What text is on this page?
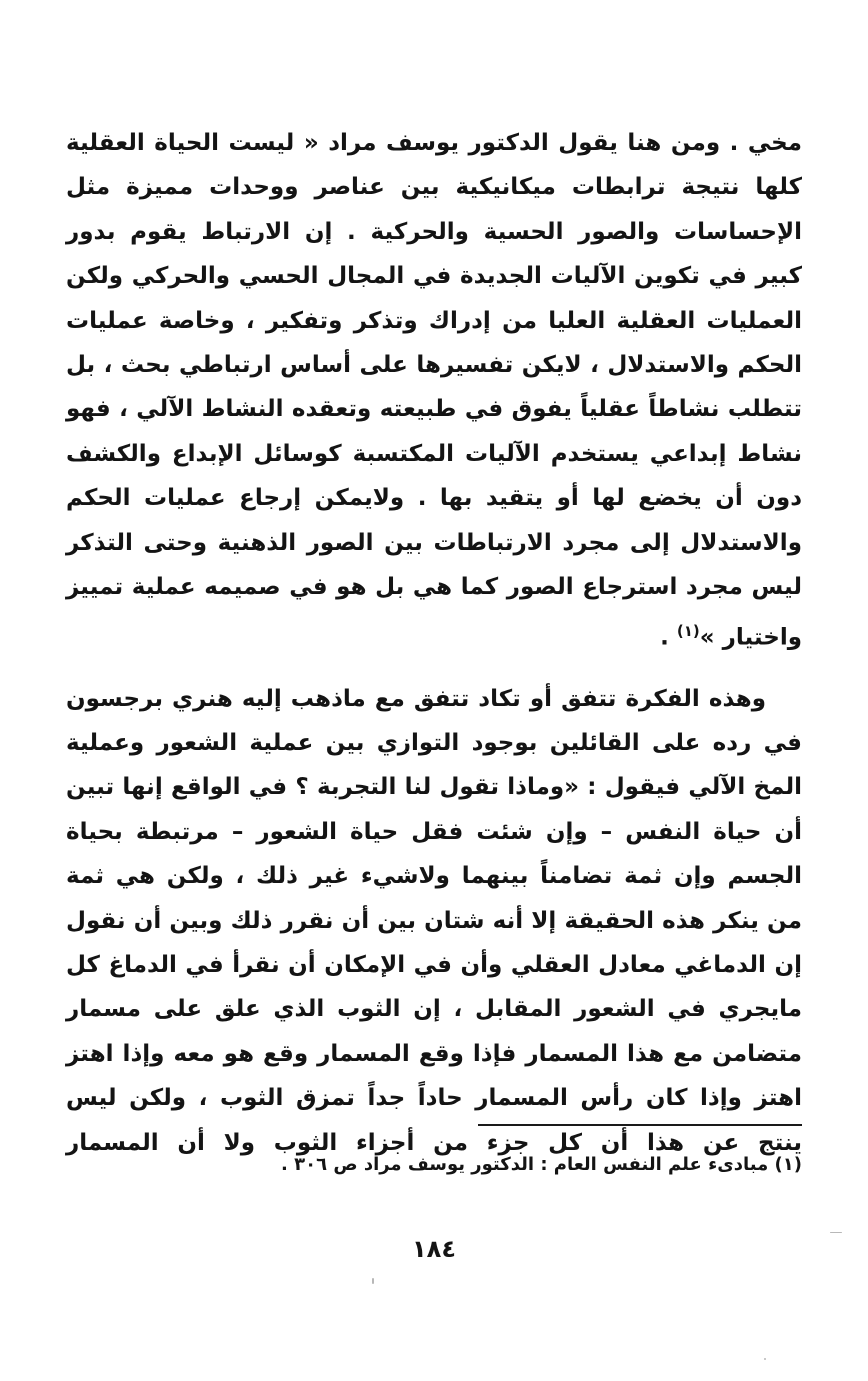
مخي . ومن هنا يقول الدكتور يوسف مراد « ليست الحياة العقلية كلها نتيجة ترابطات ميكانيكية بين عناصر ووحدات مميزة مثل الإحساسات والصور الحسية والحركية . إن الارتباط يقوم بدور كبير في تكوين الآليات الجديدة في المجال الحسي والحركي ولكن العمليات العقلية العليا من إدراك وتذكر وتفكير ، وخاصة عمليات الحكم والاستدلال ، لايكن تفسيرها على أساس ارتباطي بحث ، بل تتطلب نشاطاً عقلياً يفوق في طبيعته وتعقده النشاط الآلي ، فهو نشاط إبداعي يستخدم الآليات المكتسبة كوسائل الإبداع والكشف دون أن يخضع لها أو يتقيد بها . ولايمكن إرجاع عمليات الحكم والاستدلال إلى مجرد الارتباطات بين الصور الذهنية وحتى التذكر ليس مجرد استرجاع الصور كما هي بل هو في صميمه عملية تمييز واختيار »$^{(١)}$ .

وهذه الفكرة تتفق أو تكاد تتفق مع ماذهب إليه هنري برجسون في رده على القائلين بوجود التوازي بين عملية الشعور وعملية المخ الآلي فيقول : «وماذا تقول لنا التجربة ؟ في الواقع إنها تبين أن حياة النفس – وإن شئت فقل حياة الشعور – مرتبطة بحياة الجسم وإن ثمة تضامناً بينهما ولاشيء غير ذلك ، ولكن هي ثمة من ينكر هذه الحقيقة إلا أنه شتان بين أن نقرر ذلك وبين أن نقول إن الدماغي معادل العقلي وأن في الإمكان أن نقرأ في الدماغ كل مايجري في الشعور المقابل ، إن الثوب الذي علق على مسمار متضامن مع هذا المسمار فإذا وقع المسمار وقع هو معه وإذا اهتز اهتز وإذا كان رأس المسمار حاداً جداً تمزق الثوب ، ولكن ليس ينتج عن هذا أن كل جزء من أجزاء الثوب ولا أن المسمار

(١) مبادىء علم النفس العام : الدكتور يوسف مراد ص ٣٠٦ .

١٨٤
